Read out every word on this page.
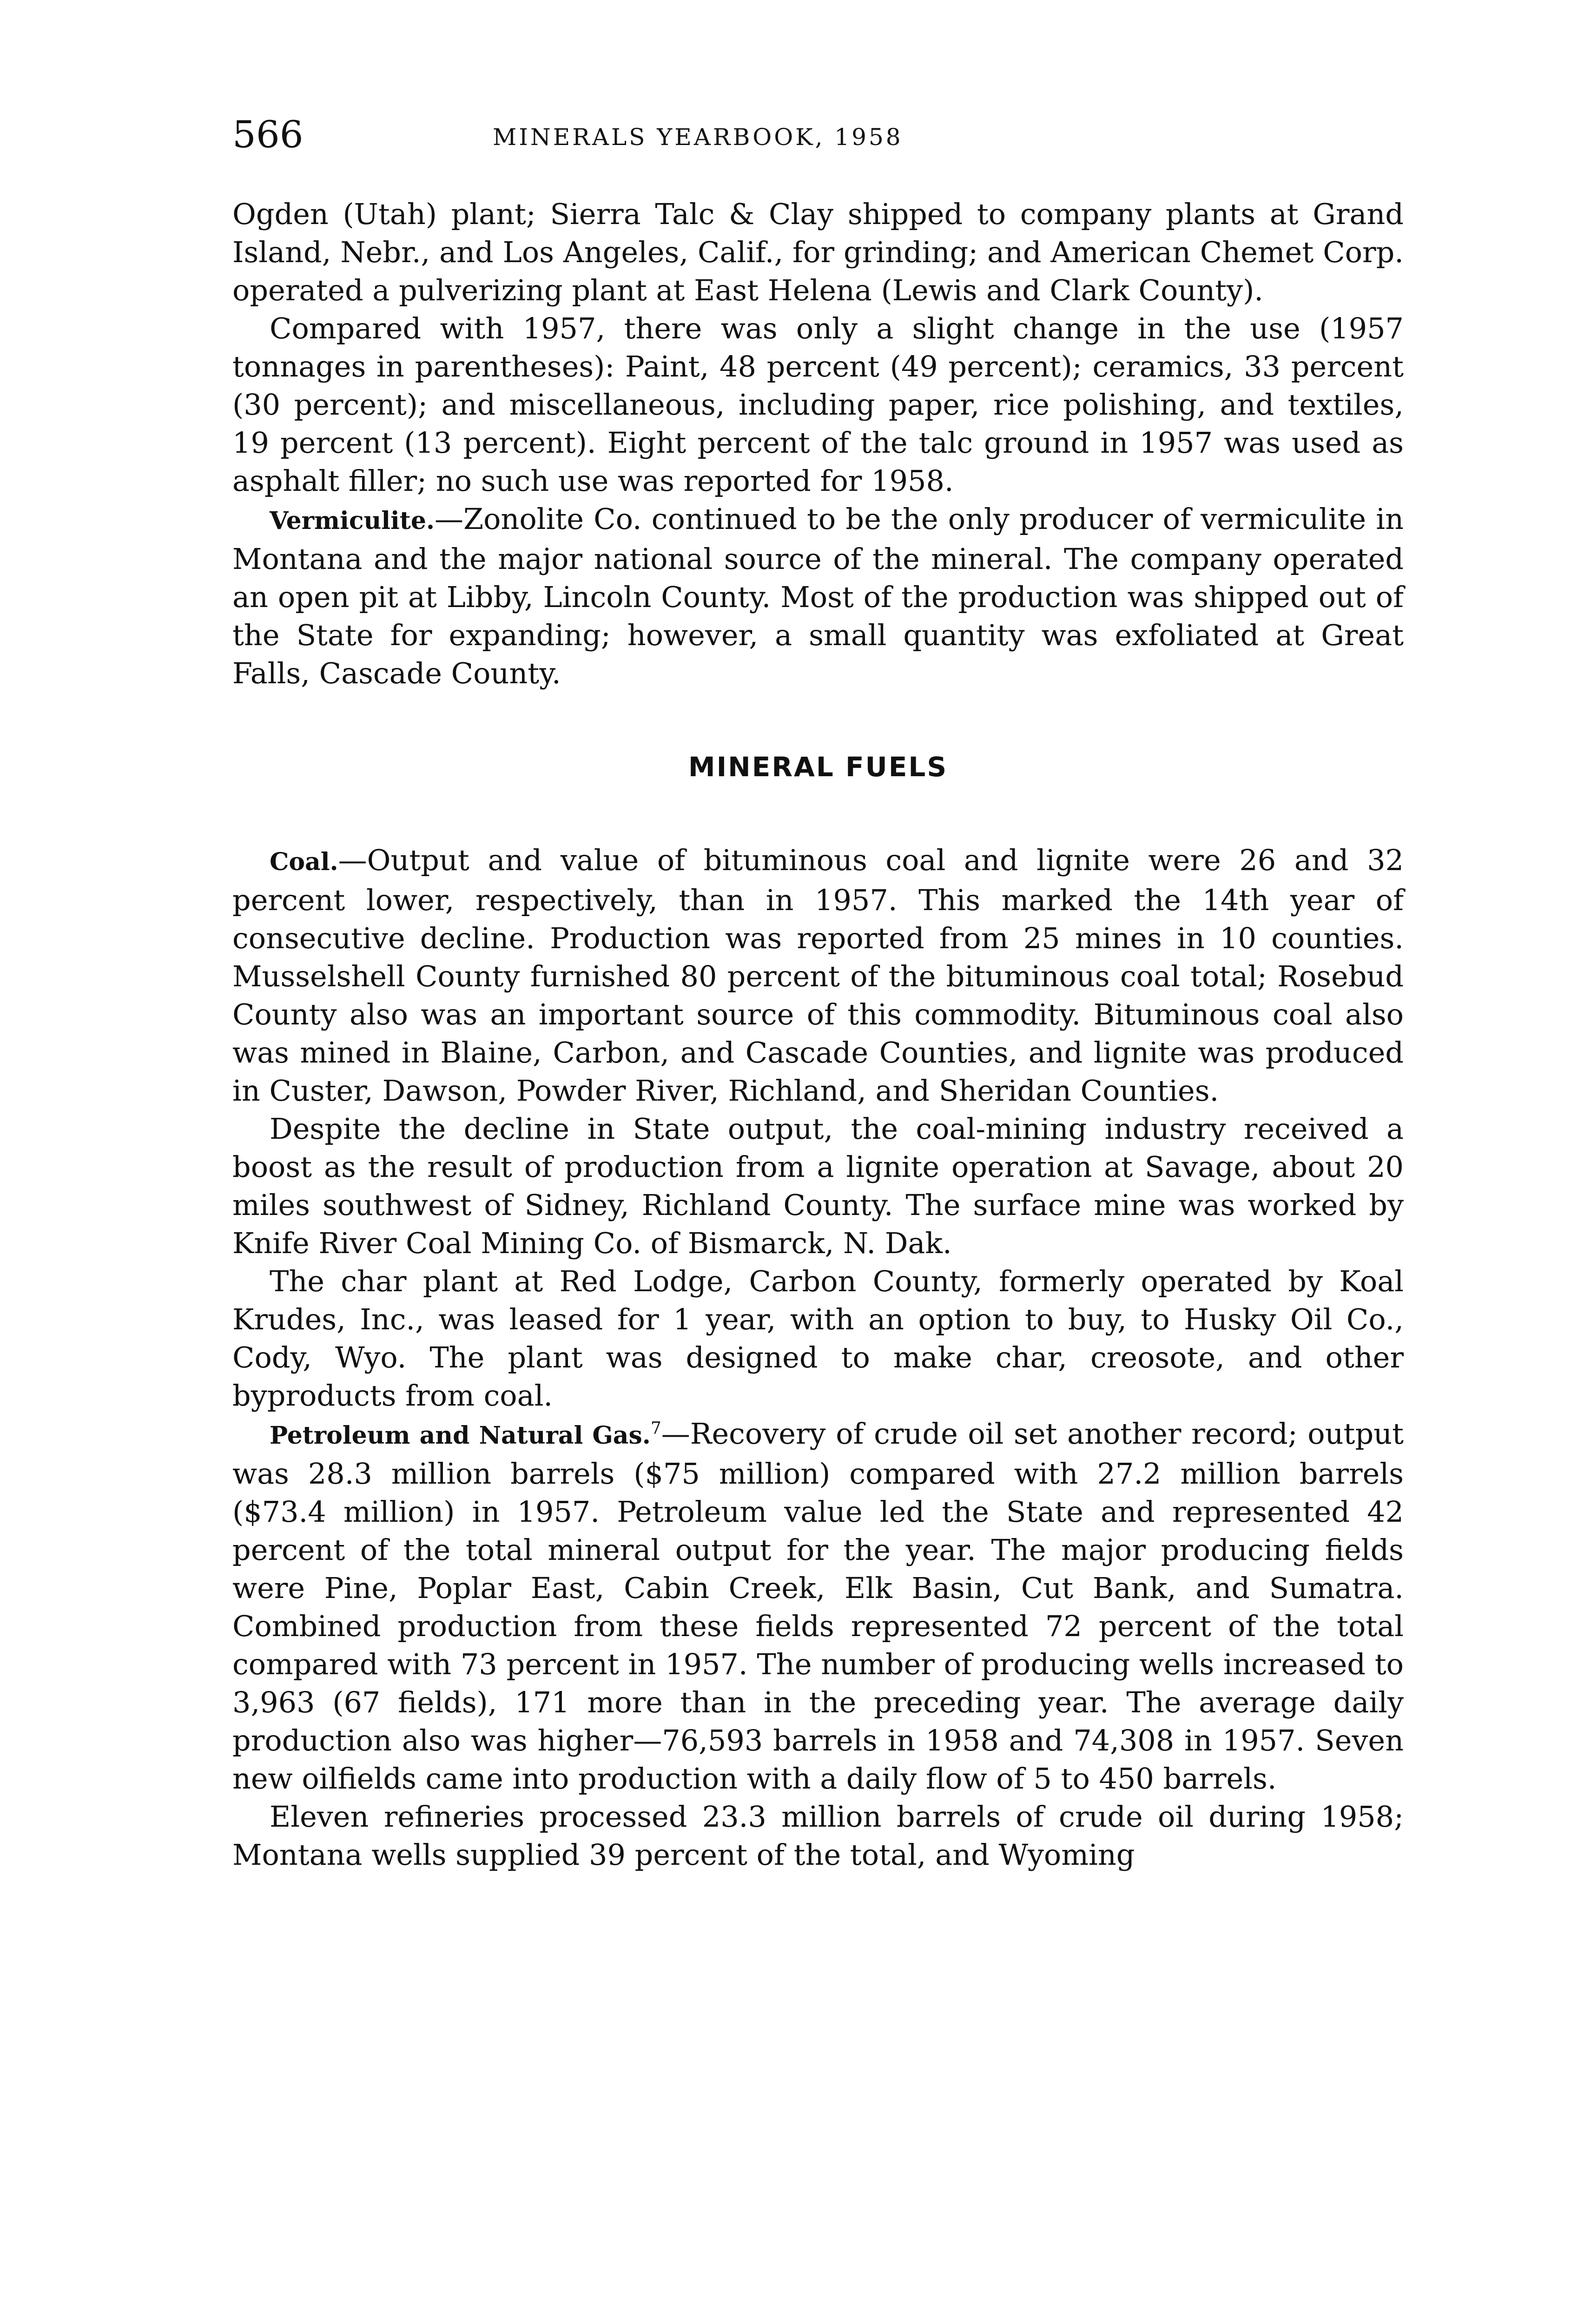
566	MINERALS YEARBOOK, 1958

Ogden (Utah) plant; Sierra Talc & Clay shipped to company plants at Grand Island, Nebr., and Los Angeles, Calif., for grinding; and American Chemet Corp. operated a pulverizing plant at East Helena (Lewis and Clark County).

Compared with 1957, there was only a slight change in the use (1957 tonnages in parentheses): Paint, 48 percent (49 percent); ceramics, 33 percent (30 percent); and miscellaneous, including paper, rice polishing, and textiles, 19 percent (13 percent). Eight percent of the talc ground in 1957 was used as asphalt filler; no such use was reported for 1958.

Vermiculite.—Zonolite Co. continued to be the only producer of vermiculite in Montana and the major national source of the mineral. The company operated an open pit at Libby, Lincoln County. Most of the production was shipped out of the State for expanding; however, a small quantity was exfoliated at Great Falls, Cascade County.

MINERAL FUELS

Coal.—Output and value of bituminous coal and lignite were 26 and 32 percent lower, respectively, than in 1957. This marked the 14th year of consecutive decline. Production was reported from 25 mines in 10 counties. Musselshell County furnished 80 percent of the bituminous coal total; Rosebud County also was an important source of this commodity. Bituminous coal also was mined in Blaine, Carbon, and Cascade Counties, and lignite was produced in Custer, Dawson, Powder River, Richland, and Sheridan Counties.

Despite the decline in State output, the coal-mining industry received a boost as the result of production from a lignite operation at Savage, about 20 miles southwest of Sidney, Richland County. The surface mine was worked by Knife River Coal Mining Co. of Bismarck, N. Dak.

The char plant at Red Lodge, Carbon County, formerly operated by Koal Krudes, Inc., was leased for 1 year, with an option to buy, to Husky Oil Co., Cody, Wyo. The plant was designed to make char, creosote, and other byproducts from coal.

Petroleum and Natural Gas.$^7$—Recovery of crude oil set another record; output was 28.3 million barrels ($75 million) compared with 27.2 million barrels ($73.4 million) in 1957. Petroleum value led the State and represented 42 percent of the total mineral output for the year. The major producing fields were Pine, Poplar East, Cabin Creek, Elk Basin, Cut Bank, and Sumatra. Combined production from these fields represented 72 percent of the total compared with 73 percent in 1957. The number of producing wells increased to 3,963 (67 fields), 171 more than in the preceding year. The average daily production also was higher—76,593 barrels in 1958 and 74,308 in 1957. Seven new oilfields came into production with a daily flow of 5 to 450 barrels.

Eleven refineries processed 23.3 million barrels of crude oil during 1958; Montana wells supplied 39 percent of the total, and Wyoming
